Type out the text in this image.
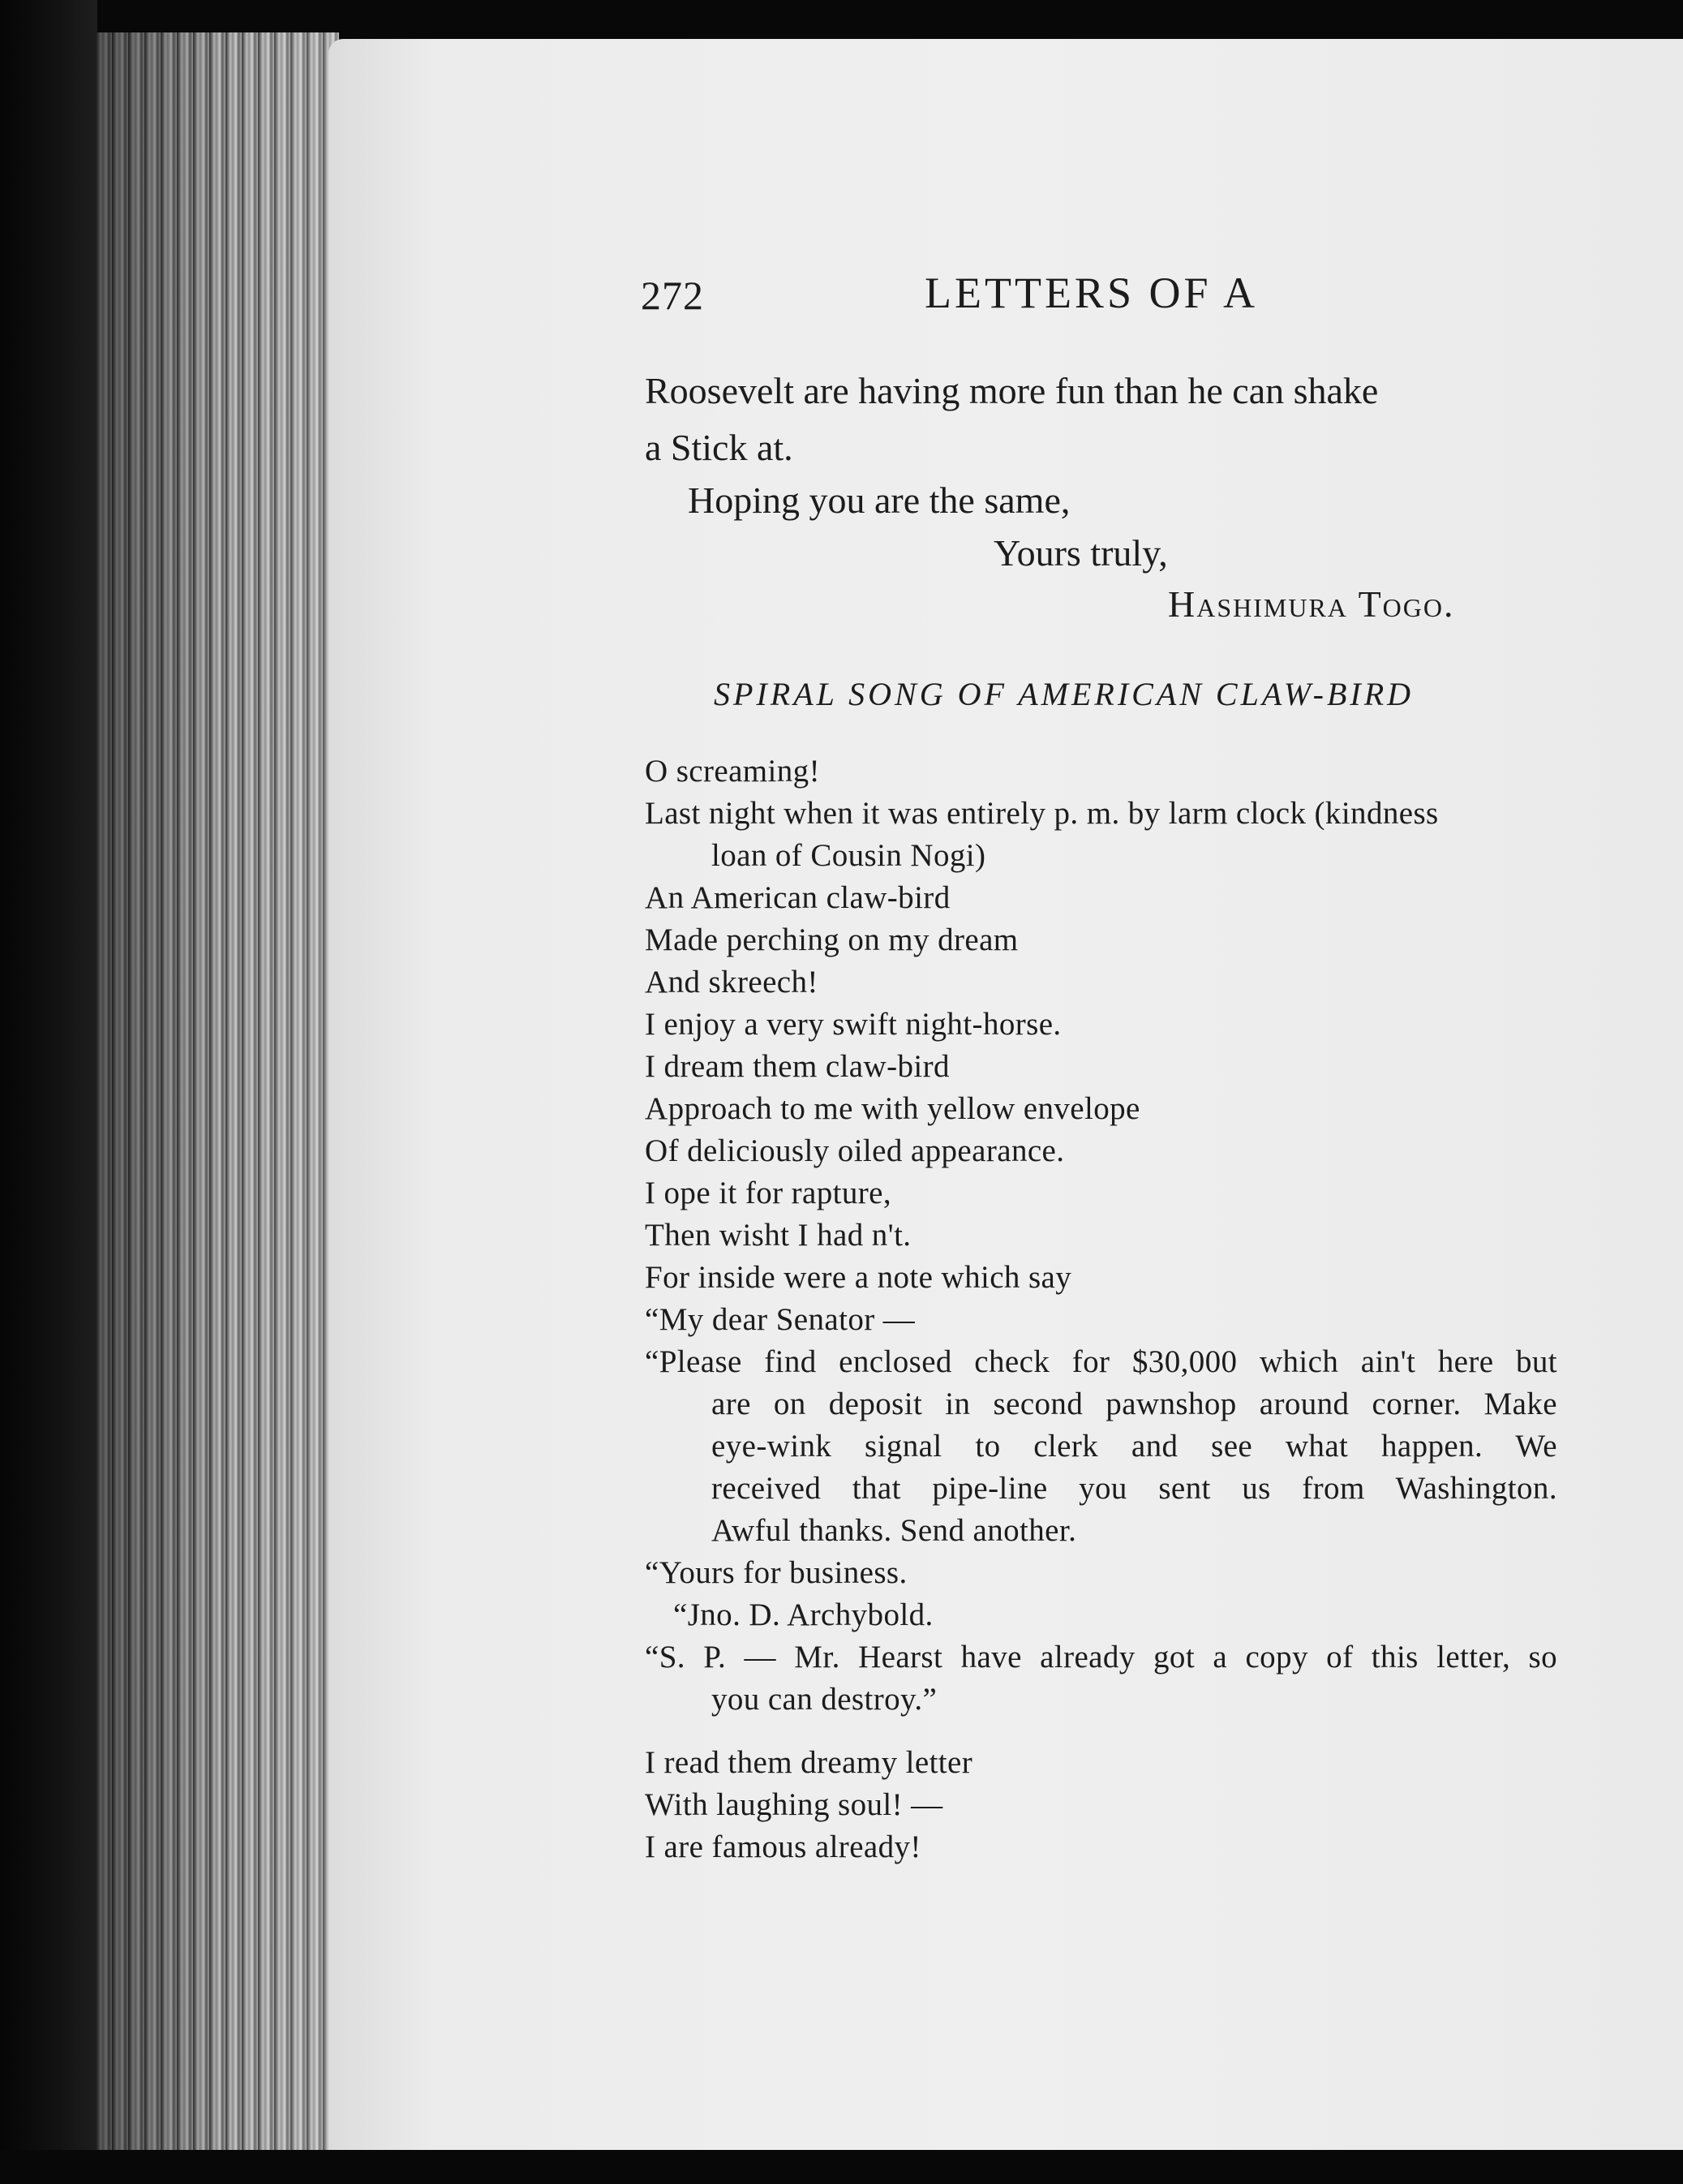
272	LETTERS OF A

Roosevelt are having more fun than he can shake

a Stick at.

Hoping you are the same,

Yours truly,

Hashimura Togo.

SPIRAL SONG OF AMERICAN CLAW-BIRD

O screaming!

Last night when it was entirely p. m. by larm clock (kindness

loan of Cousin Nogi)

An American claw-bird

Made perching on my dream

And skreech!

I enjoy a very swift night-horse.

I dream them claw-bird

Approach to me with yellow envelope

Of deliciously oiled appearance.

I ope it for rapture,

Then wisht I had n't.

For inside were a note which say

“My dear Senator —

“Please find enclosed check for $30,000 which ain't here but

are on deposit in second pawnshop around corner. Make

eye-wink signal to clerk and see what happen. We

received that pipe-line you sent us from Washington.

Awful thanks. Send another.

“Yours for business.

“Jno. D. Archybold.

“S. P. — Mr. Hearst have already got a copy of this letter, so

you can destroy.”

I read them dreamy letter

With laughing soul! —

I are famous already!
